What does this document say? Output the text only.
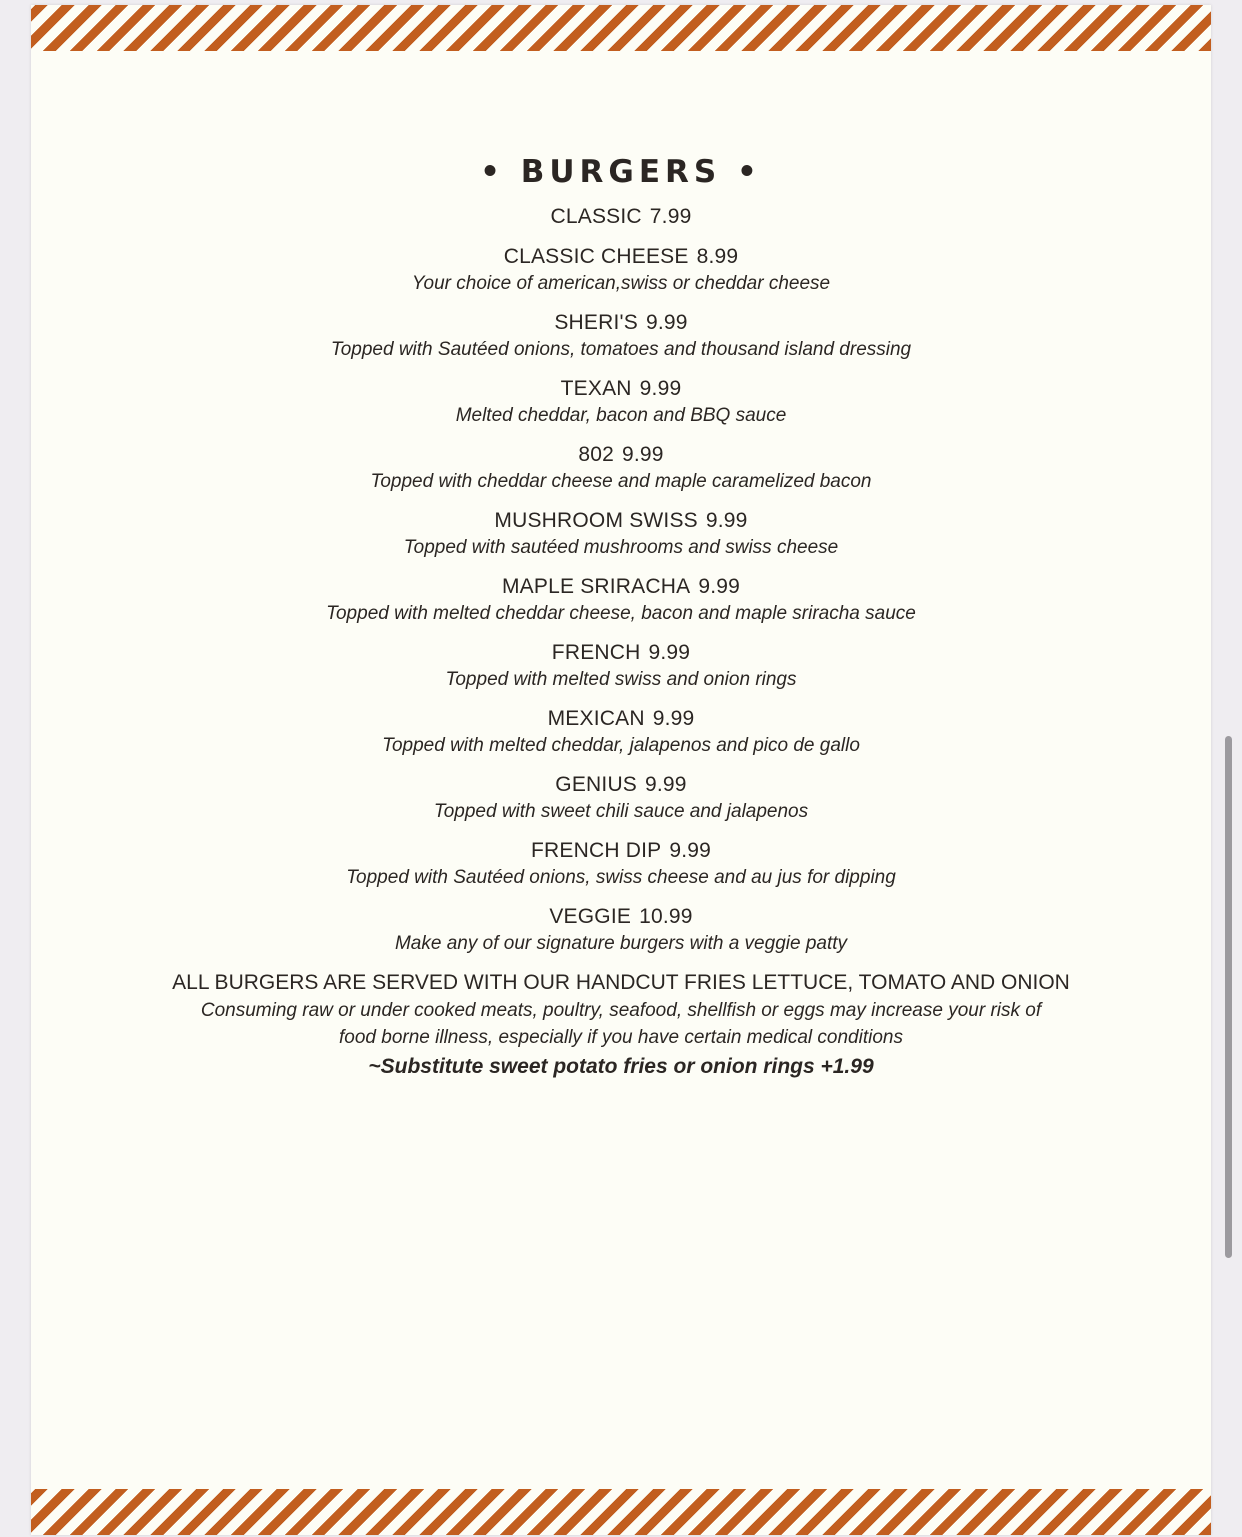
• BURGERS •
CLASSIC 7.99
CLASSIC CHEESE 8.99
Your choice of american,swiss or cheddar cheese
SHERI'S 9.99
Topped with Sautéed onions, tomatoes and thousand island dressing
TEXAN 9.99
Melted cheddar, bacon and BBQ sauce
802 9.99
Topped with cheddar cheese and maple caramelized bacon
MUSHROOM SWISS 9.99
Topped with sautéed mushrooms and swiss cheese
MAPLE SRIRACHA 9.99
Topped with melted cheddar cheese, bacon and maple sriracha sauce
FRENCH 9.99
Topped with melted swiss and onion rings
MEXICAN 9.99
Topped with melted cheddar, jalapenos and pico de gallo
GENIUS 9.99
Topped with sweet chili sauce and jalapenos
FRENCH DIP 9.99
Topped with Sautéed onions, swiss cheese and au jus for dipping
VEGGIE 10.99
Make any of our signature burgers with a veggie patty
ALL BURGERS ARE SERVED WITH OUR HANDCUT FRIES LETTUCE, TOMATO AND ONION
Consuming raw or under cooked meats, poultry, seafood, shellfish or eggs may increase your risk of food borne illness, especially if you have certain medical conditions
~Substitute sweet potato fries or onion rings +1.99
